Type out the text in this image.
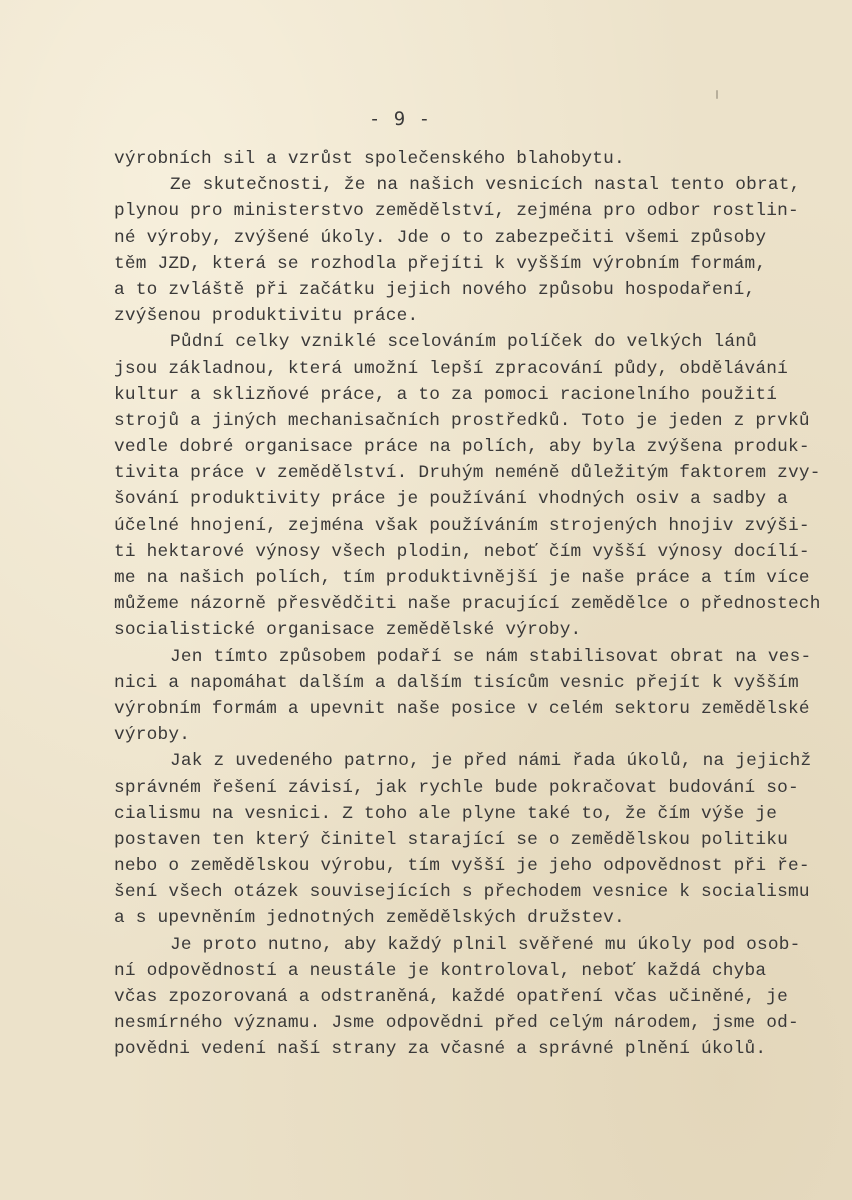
- 9 -
výrobních sil a vzrůst společenského blahobytu.
Ze skutečnosti, že na našich vesnicích nastal tento obrat,
plynou pro ministerstvo zemědělství, zejména pro odbor rostlin-
né výroby, zvýšené úkoly. Jde o to zabezpečiti všemi způsoby
těm JZD, která se rozhodla přejíti k vyšším výrobním formám,
a to zvláště při začátku jejich nového způsobu hospodaření,
zvýšenou produktivitu práce.
Půdní celky vzniklé scelováním políček do velkých lánů
jsou základnou, která umožní lepší zpracování půdy, obdělávání
kultur a sklizňové práce, a to za pomoci racionelního použití
strojů a jiných mechanisačních prostředků. Toto je jeden z prvků
vedle dobré organisace práce na polích, aby byla zvýšena produk-
tivita práce v zemědělství. Druhým neméně důležitým faktorem zvy-
šování produktivity práce je používání vhodných osiv a sadby a
účelné hnojení, zejména však používáním strojených hnojiv zvýši-
ti hektarové výnosy všech plodin, neboť čím vyšší výnosy docílí-
me na našich polích, tím produktivnější je naše práce a tím více
můžeme názorně přesvědčiti naše pracující zemědělce o přednostech
socialistické organisace zemědělské výroby.
Jen tímto způsobem podaří se nám stabilisovat obrat na ves-
nici a napomáhat dalším a dalším tisícům vesnic přejít k vyšším
výrobním formám a upevnit naše posice v celém sektoru zemědělské
výroby.
Jak z uvedeného patrno, je před námi řada úkolů, na jejichž
správném řešení závisí, jak rychle bude pokračovat budování so-
cialismu na vesnici. Z toho ale plyne také to, že čím výše je
postaven ten který činitel starající se o zemědělskou politiku
nebo o zemědělskou výrobu, tím vyšší je jeho odpovědnost při ře-
šení všech otázek souvisejících s přechodem vesnice k socialismu
a s upevněním jednotných zemědělských družstev.
Je proto nutno, aby každý plnil svěřené mu úkoly pod osob-
ní odpovědností a neustále je kontroloval, neboť každá chyba
včas zpozorovaná a odstraněná, každé opatření včas učiněné, je
nesmírného významu. Jsme odpovědni před celým národem, jsme od-
povědni vedení naší strany za včasné a správné plnění úkolů.
